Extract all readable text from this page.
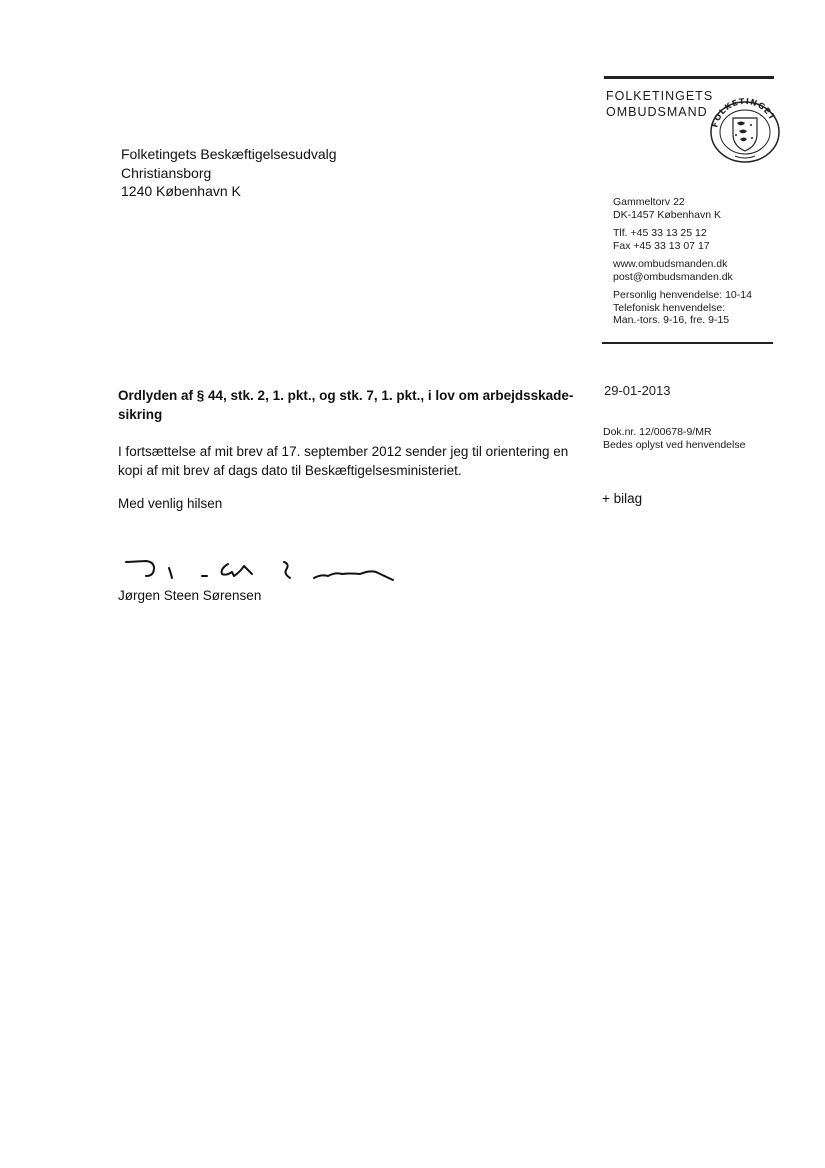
FOLKETINGETS
OMBUDSMAND
FOLKETINGET
Folketingets Beskæftigelsesudvalg
Christiansborg
1240 København K
Gammeltorv 22
DK-1457 København K
Tlf. +45 33 13 25 12
Fax +45 33 13 07 17
www.ombudsmanden.dk
post@ombudsmanden.dk
Personlig henvendelse: 10-14
Telefonisk henvendelse:
Man.-tors. 9-16, fre. 9-15
29-01-2013
Dok.nr. 12/00678-9/MR
Bedes oplyst ved henvendelse
+ bilag
Ordlyden af § 44, stk. 2, 1. pkt., og stk. 7, 1. pkt., i lov om arbejdsskade-sikring
I fortsættelse af mit brev af 17. september 2012 sender jeg til orientering en kopi af mit brev af dags dato til Beskæftigelsesministeriet.
Med venlig hilsen
Jørgen Steen Sørensen
